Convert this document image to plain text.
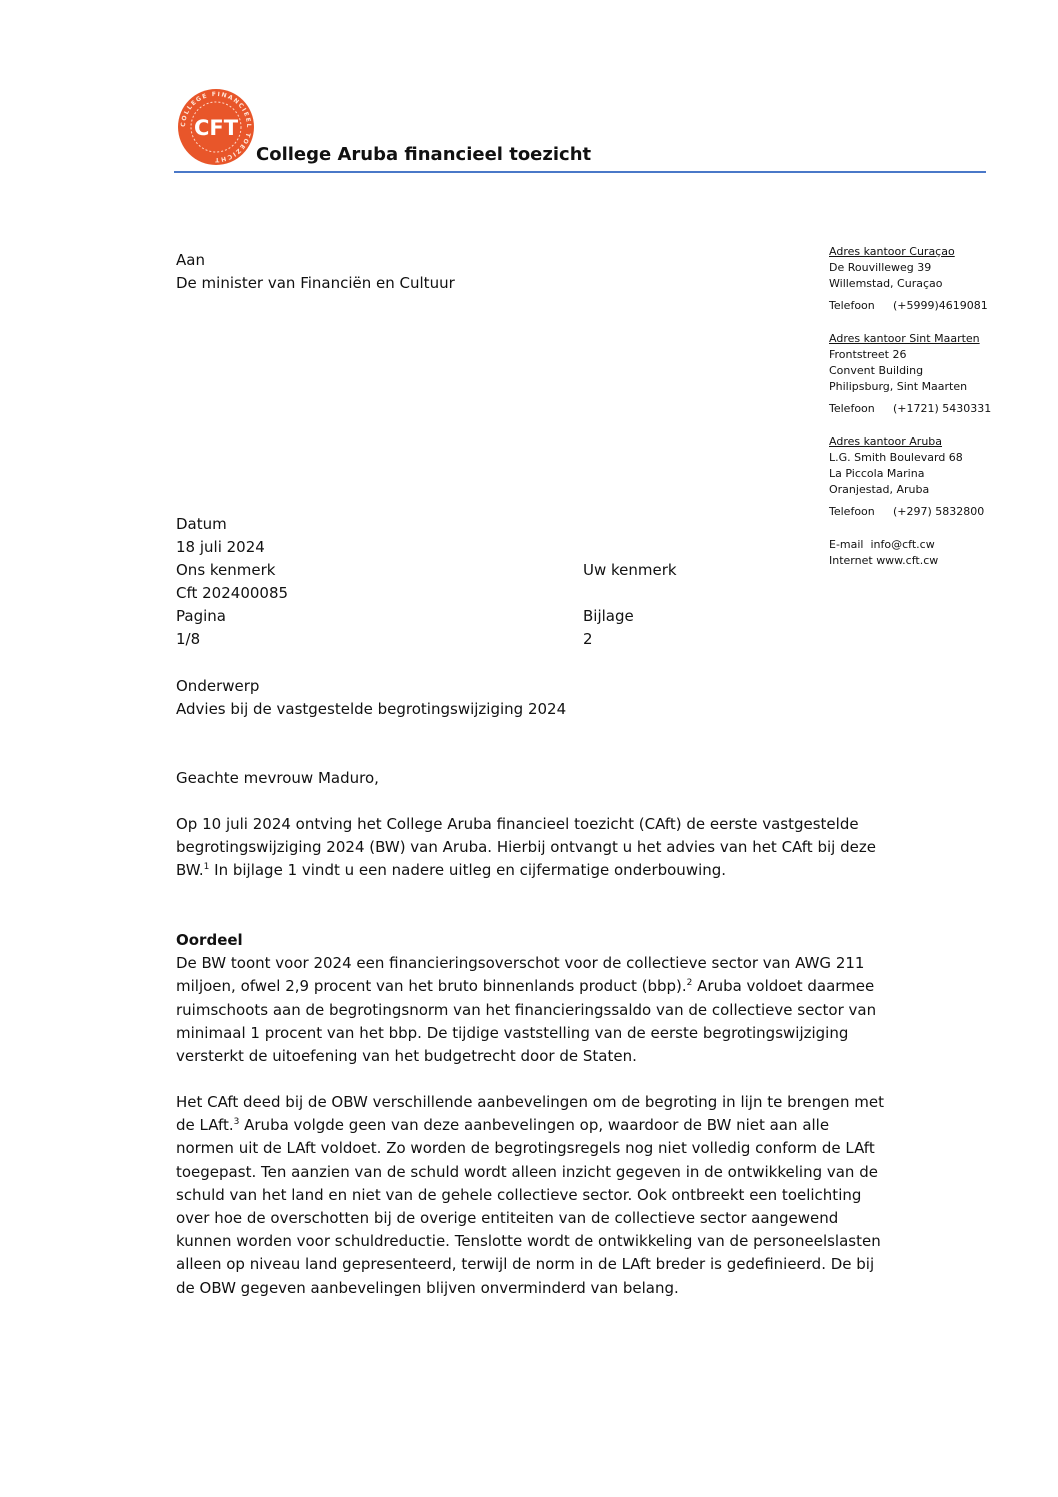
COLLEGE FINANCIEEL TOEZICHT
CFT
College Aruba financieel toezicht
Aan
De minister van Financiën en Cultuur
Adres kantoor Curaçao
De Rouvilleweg 39
Willemstad, Curaçao
Telefoon (+5999)4619081
Adres kantoor Sint Maarten
Frontstreet 26
Convent Building
Philipsburg, Sint Maarten
Telefoon (+1721) 5430331
Adres kantoor Aruba
L.G. Smith Boulevard 68
La Piccola Marina
Oranjestad, Aruba
Telefoon (+297) 5832800
E-mail info@cft.cw
Internet www.cft.cw
Datum
18 juli 2024
Ons kenmerk	Uw kenmerk
Cft 202400085
Pagina	Bijlage
1/8	2
Onderwerp
Advies bij de vastgestelde begrotingswijziging 2024
Geachte mevrouw Maduro,

Op 10 juli 2024 ontving het College Aruba financieel toezicht (CAft) de eerste vastgestelde begrotingswijziging 2024 (BW) van Aruba. Hierbij ontvangt u het advies van het CAft bij deze BW.$^1$ In bijlage 1 vindt u een nadere uitleg en cijfermatige onderbouwing.

Oordeel

De BW toont voor 2024 een financieringsoverschot voor de collectieve sector van AWG 211 miljoen, ofwel 2,9 procent van het bruto binnenlands product (bbp).$^2$ Aruba voldoet daarmee ruimschoots aan de begrotingsnorm van het financieringssaldo van de collectieve sector van minimaal 1 procent van het bbp. De tijdige vaststelling van de eerste begrotingswijziging versterkt de uitoefening van het budgetrecht door de Staten.

Het CAft deed bij de OBW verschillende aanbevelingen om de begroting in lijn te brengen met de LAft.$^3$ Aruba volgde geen van deze aanbevelingen op, waardoor de BW niet aan alle normen uit de LAft voldoet. Zo worden de begrotingsregels nog niet volledig conform de LAft toegepast. Ten aanzien van de schuld wordt alleen inzicht gegeven in de ontwikkeling van de schuld van het land en niet van de gehele collectieve sector. Ook ontbreekt een toelichting over hoe de overschotten bij de overige entiteiten van de collectieve sector aangewend kunnen worden voor schuldreductie. Tenslotte wordt de ontwikkeling van de personeelslasten alleen op niveau land gepresenteerd, terwijl de norm in de LAft breder is gedefinieerd. De bij de OBW gegeven aanbevelingen blijven onverminderd van belang.
